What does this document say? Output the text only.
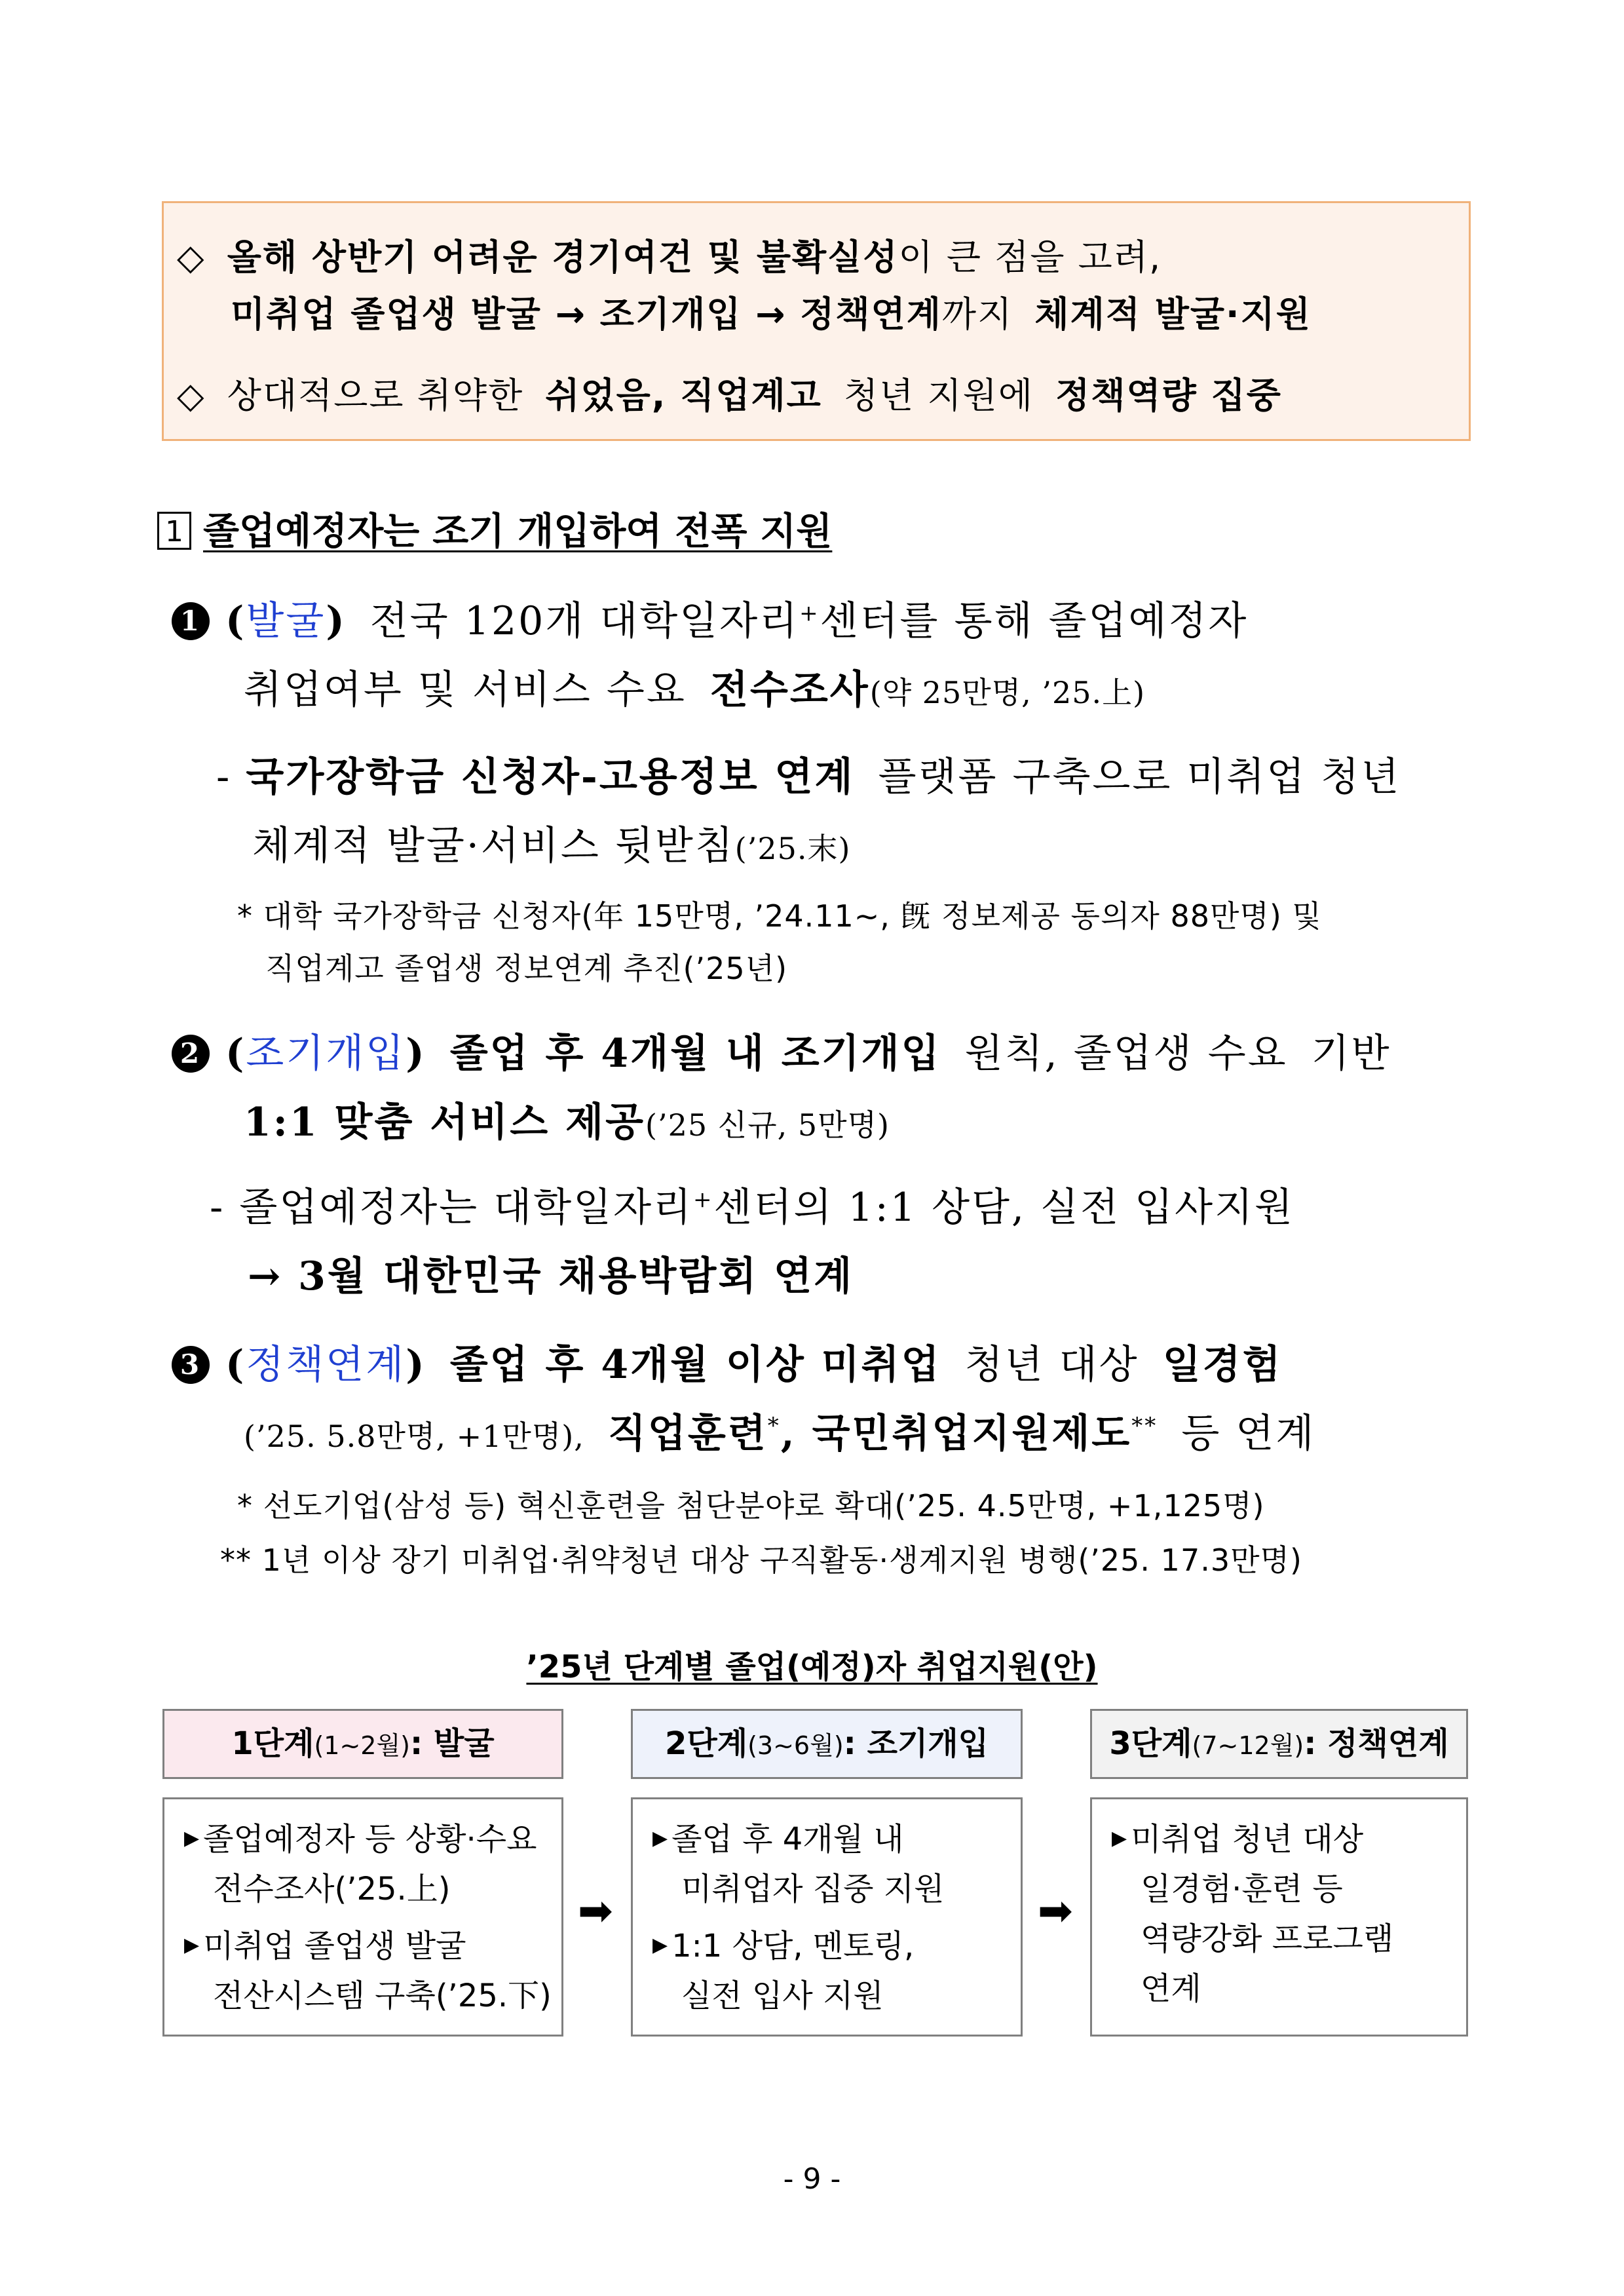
◇ 올해 상반기 어려운 경기여건 및 불확실성이 큰 점을 고려,
미취업 졸업생 발굴 → 조기개입 → 정책연계까지 체계적 발굴·지원
◇ 상대적으로 취약한 쉬었음, 직업계고 청년 지원에 정책역량 집중
1 졸업예정자는 조기 개입하여 전폭 지원
1 (발굴) 전국 120개 대학일자리+센터를 통해 졸업예정자
취업여부 및 서비스 수요 전수조사(약 25만명, ’25.上)
- 국가장학금 신청자-고용정보 연계 플랫폼 구축으로 미취업 청년
체계적 발굴·서비스 뒷받침(’25.末)
* 대학 국가장학금 신청자(年 15만명, ’24.11~, 旣 정보제공 동의자 88만명) 및
직업계고 졸업생 정보연계 추진(’25년)
2 (조기개입) 졸업 후 4개월 내 조기개입 원칙, 졸업생 수요 기반
1:1 맞춤 서비스 제공(’25 신규, 5만명)
- 졸업예정자는 대학일자리+센터의 1:1 상담, 실전 입사지원
→ 3월 대한민국 채용박람회 연계
3 (정책연계) 졸업 후 4개월 이상 미취업 청년 대상 일경험
(’25. 5.8만명, +1만명), 직업훈련*, 국민취업지원제도** 등 연계
* 선도기업(삼성 등) 혁신훈련을 첨단분야로 확대(’25. 4.5만명, +1,125명)
** 1년 이상 장기 미취업·취약청년 대상 구직활동·생계지원 병행(’25. 17.3만명)
’25년 단계별 졸업(예정)자 취업지원(안)
1단계(1~2월): 발굴	2단계(3~6월): 조기개입	3단계(7~12월): 정책연계
▶ 졸업예정자 등 상황·수요
전수조사(’25.上)
▶ 미취업 졸업생 발굴
전산시스템 구축(’25.下)
▶ 졸업 후 4개월 내
미취업자 집중 지원
▶ 1:1 상담, 멘토링,
실전 입사 지원
▶ 미취업 청년 대상
일경험·훈련 등
역량강화 프로그램
연계
➡	➡
- 9 -
